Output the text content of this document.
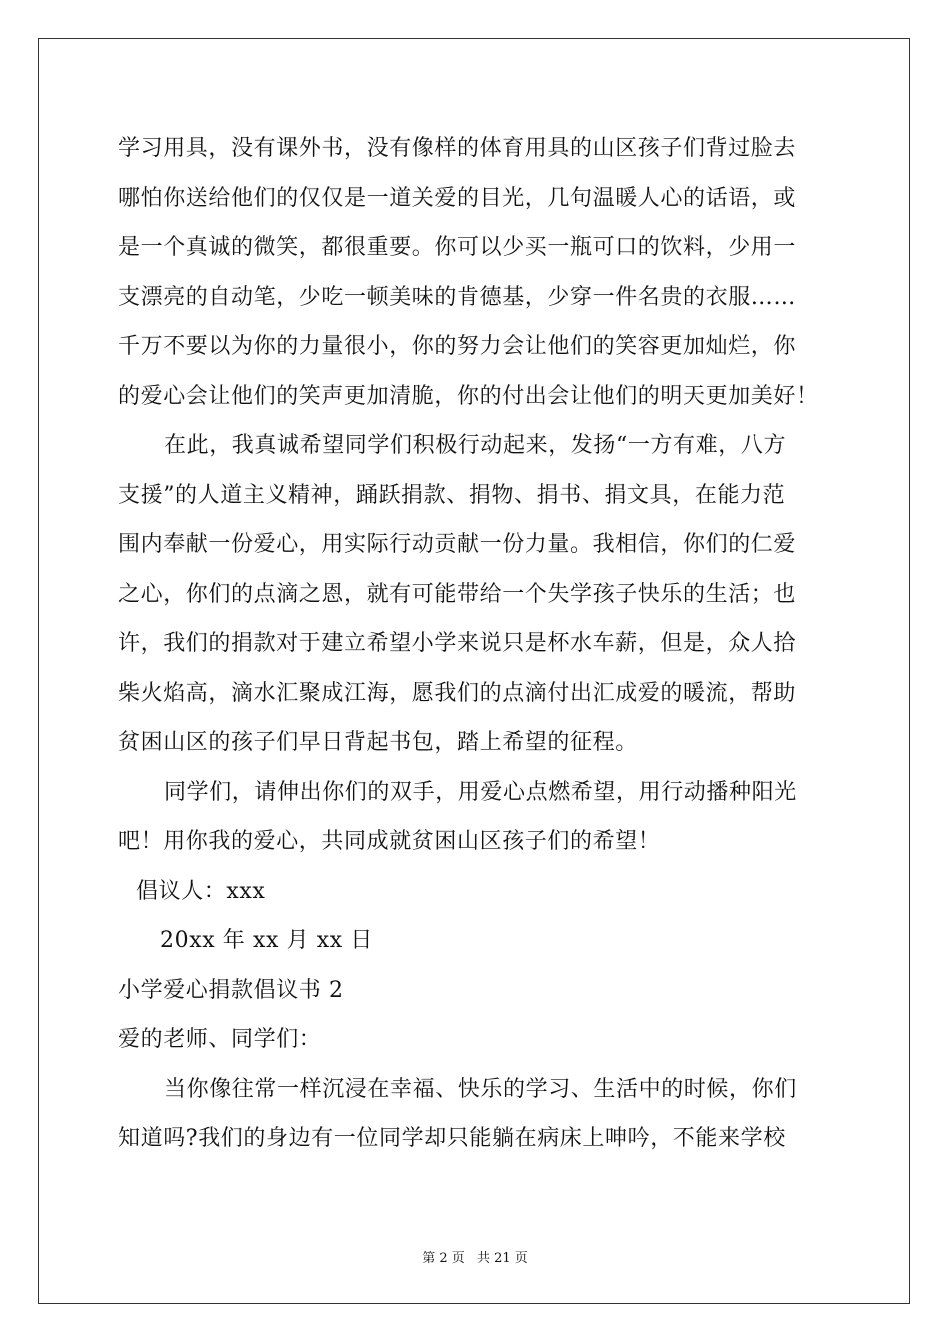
学习用具，没有课外书，没有像样的体育用具的山区孩子们背过脸去
哪怕你送给他们的仅仅是一道关爱的目光，几句温暖人心的话语，或
是一个真诚的微笑，都很重要。你可以少买一瓶可口的饮料，少用一
支漂亮的自动笔，少吃一顿美味的肯德基，少穿一件名贵的衣服……
千万不要以为你的力量很小，你的努力会让他们的笑容更加灿烂，你
的爱心会让他们的笑声更加清脆，你的付出会让他们的明天更加美好！
在此，我真诚希望同学们积极行动起来，发扬“一方有难，八方
支援”的人道主义精神，踊跃捐款、捐物、捐书、捐文具，在能力范
围内奉献一份爱心，用实际行动贡献一份力量。我相信，你们的仁爱
之心，你们的点滴之恩，就有可能带给一个失学孩子快乐的生活；也
许，我们的捐款对于建立希望小学来说只是杯水车薪，但是，众人拾
柴火焰高，滴水汇聚成江海，愿我们的点滴付出汇成爱的暖流，帮助
贫困山区的孩子们早日背起书包，踏上希望的征程。
同学们，请伸出你们的双手，用爱心点燃希望，用行动播种阳光
吧！用你我的爱心，共同成就贫困山区孩子们的希望！
倡议人：xxx
20xx 年 xx 月 xx 日
小学爱心捐款倡议书 2
爱的老师、同学们：
当你像往常一样沉浸在幸福、快乐的学习、生活中的时候，你们
知道吗?我们的身边有一位同学却只能躺在病床上呻吟，不能来学校
第 2 页 共 21 页
